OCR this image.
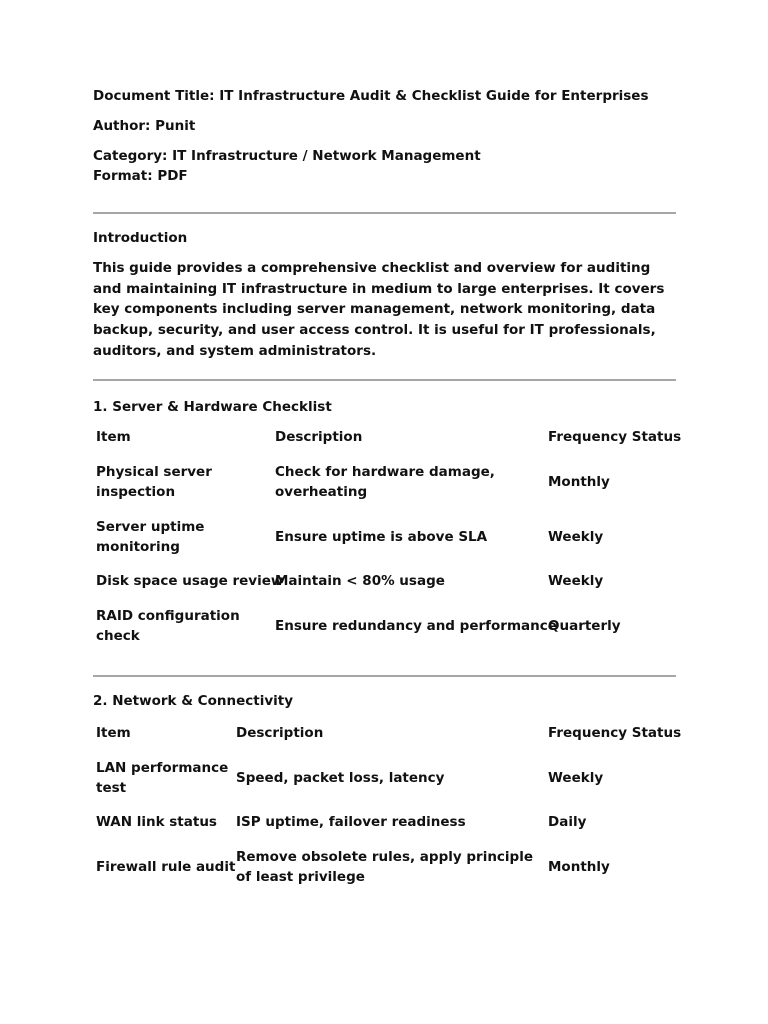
Document Title: IT Infrastructure Audit & Checklist Guide for Enterprises
Author: Punit
Category: IT Infrastructure / Network Management
Format: PDF
Introduction
This guide provides a comprehensive checklist and overview for auditing and maintaining IT infrastructure in medium to large enterprises. It covers key components including server management, network monitoring, data backup, security, and user access control. It is useful for IT professionals, auditors, and system administrators.
1. Server & Hardware Checklist
Item	Description	Frequency Status

Physical server inspection	Check for hardware damage, overheating	Monthly

Server uptime monitoring	Ensure uptime is above SLA	Weekly

Disk space usage review	Maintain < 80% usage	Weekly

RAID configuration check	Ensure redundancy and performance	Quarterly
2. Network & Connectivity
Item	Description	Frequency Status

LAN performance test	Speed, packet loss, latency	Weekly

WAN link status	ISP uptime, failover readiness	Daily

Firewall rule audit	Remove obsolete rules, apply principle of least privilege	Monthly
